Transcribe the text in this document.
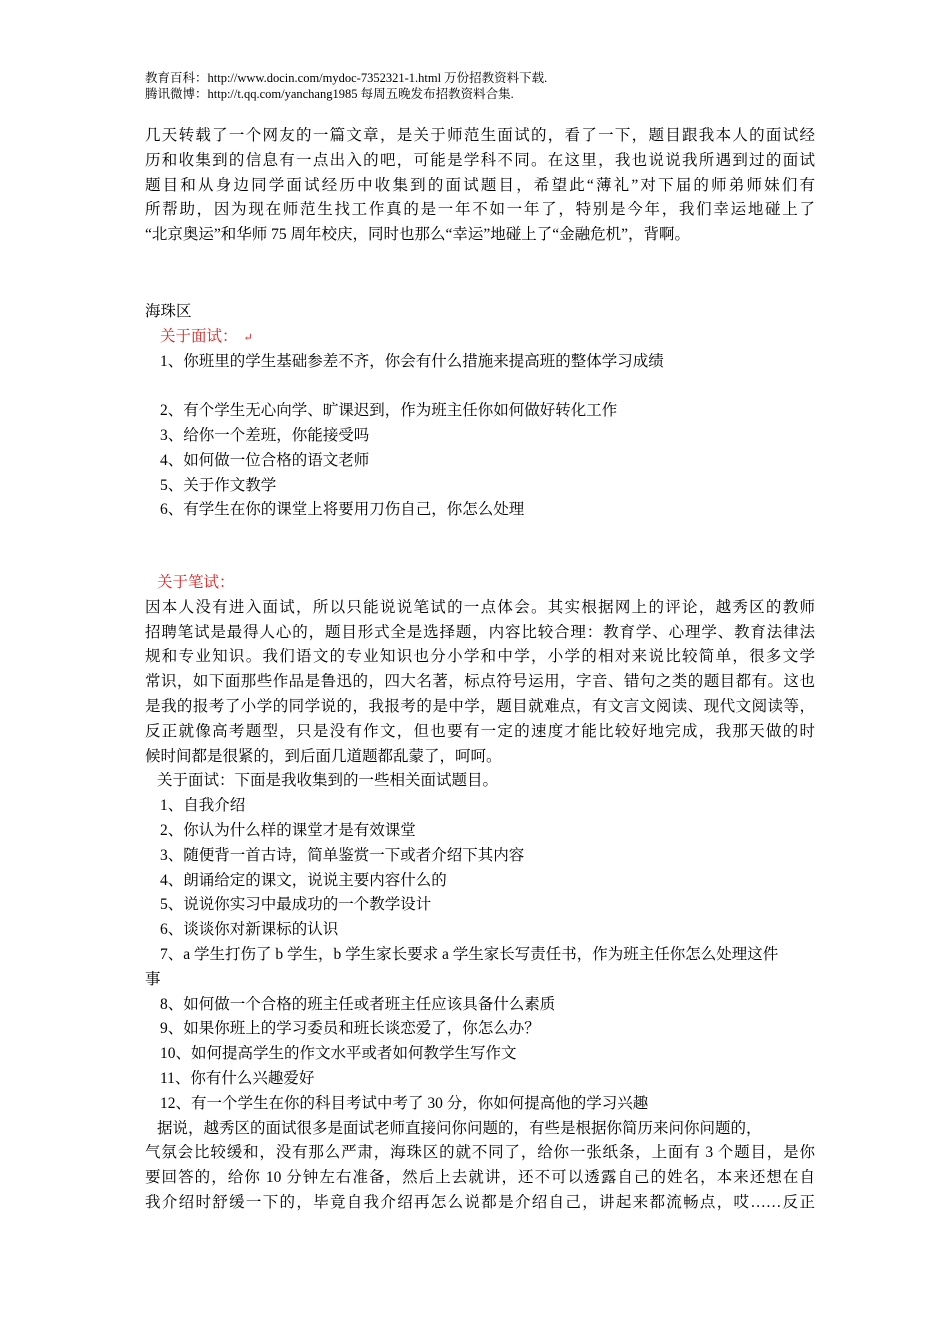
教育百科：http://www.docin.com/mydoc-7352321-1.html 万份招教资料下载.
腾讯微博：http://t.qq.com/yanchang1985 每周五晚发布招教资料合集.
几天转载了一个网友的一篇文章，是关于师范生面试的，看了一下，题目跟我本人的面试经
历和收集到的信息有一点出入的吧，可能是学科不同。在这里，我也说说我所遇到过的面试
题目和从身边同学面试经历中收集到的面试题目，希望此“薄礼”对下届的师弟师妹们有
所帮助，因为现在师范生找工作真的是一年不如一年了，特别是今年，我们幸运地碰上了
“北京奥运”和华师 75 周年校庆，同时也那么“幸运”地碰上了“金融危机”，背啊。
海珠区
关于面试： ↵
1、你班里的学生基础参差不齐，你会有什么措施来提高班的整体学习成绩
2、有个学生无心向学、旷课迟到，作为班主任你如何做好转化工作
3、给你一个差班，你能接受吗
4、如何做一位合格的语文老师
5、关于作文教学
6、有学生在你的课堂上将要用刀伤自己，你怎么处理
关于笔试：
因本人没有进入面试，所以只能说说笔试的一点体会。其实根据网上的评论，越秀区的教师
招聘笔试是最得人心的，题目形式全是选择题，内容比较合理：教育学、心理学、教育法律法
规和专业知识。我们语文的专业知识也分小学和中学，小学的相对来说比较简单，很多文学
常识，如下面那些作品是鲁迅的，四大名著，标点符号运用，字音、错句之类的题目都有。这也
是我的报考了小学的同学说的，我报考的是中学，题目就难点，有文言文阅读、现代文阅读等，
反正就像高考题型，只是没有作文，但也要有一定的速度才能比较好地完成，我那天做的时
候时间都是很紧的，到后面几道题都乱蒙了，呵呵。
关于面试：下面是我收集到的一些相关面试题目。
1、自我介绍
2、你认为什么样的课堂才是有效课堂
3、随便背一首古诗，简单鉴赏一下或者介绍下其内容
4、朗诵给定的课文，说说主要内容什么的
5、说说你实习中最成功的一个教学设计
6、谈谈你对新课标的认识
7、a 学生打伤了 b 学生，b 学生家长要求 a 学生家长写责任书，作为班主任你怎么处理这件
事
8、如何做一个合格的班主任或者班主任应该具备什么素质
9、如果你班上的学习委员和班长谈恋爱了，你怎么办？
10、如何提高学生的作文水平或者如何教学生写作文
11、你有什么兴趣爱好
12、有一个学生在你的科目考试中考了 30 分，你如何提高他的学习兴趣
据说，越秀区的面试很多是面试老师直接问你问题的，有些是根据你简历来问你问题的，
气氛会比较缓和，没有那么严肃，海珠区的就不同了，给你一张纸条，上面有 3 个题目，是你
要回答的，给你 10 分钟左右准备，然后上去就讲，还不可以透露自己的姓名，本来还想在自
我介绍时舒缓一下的，毕竟自我介绍再怎么说都是介绍自己，讲起来都流畅点，哎……反正
